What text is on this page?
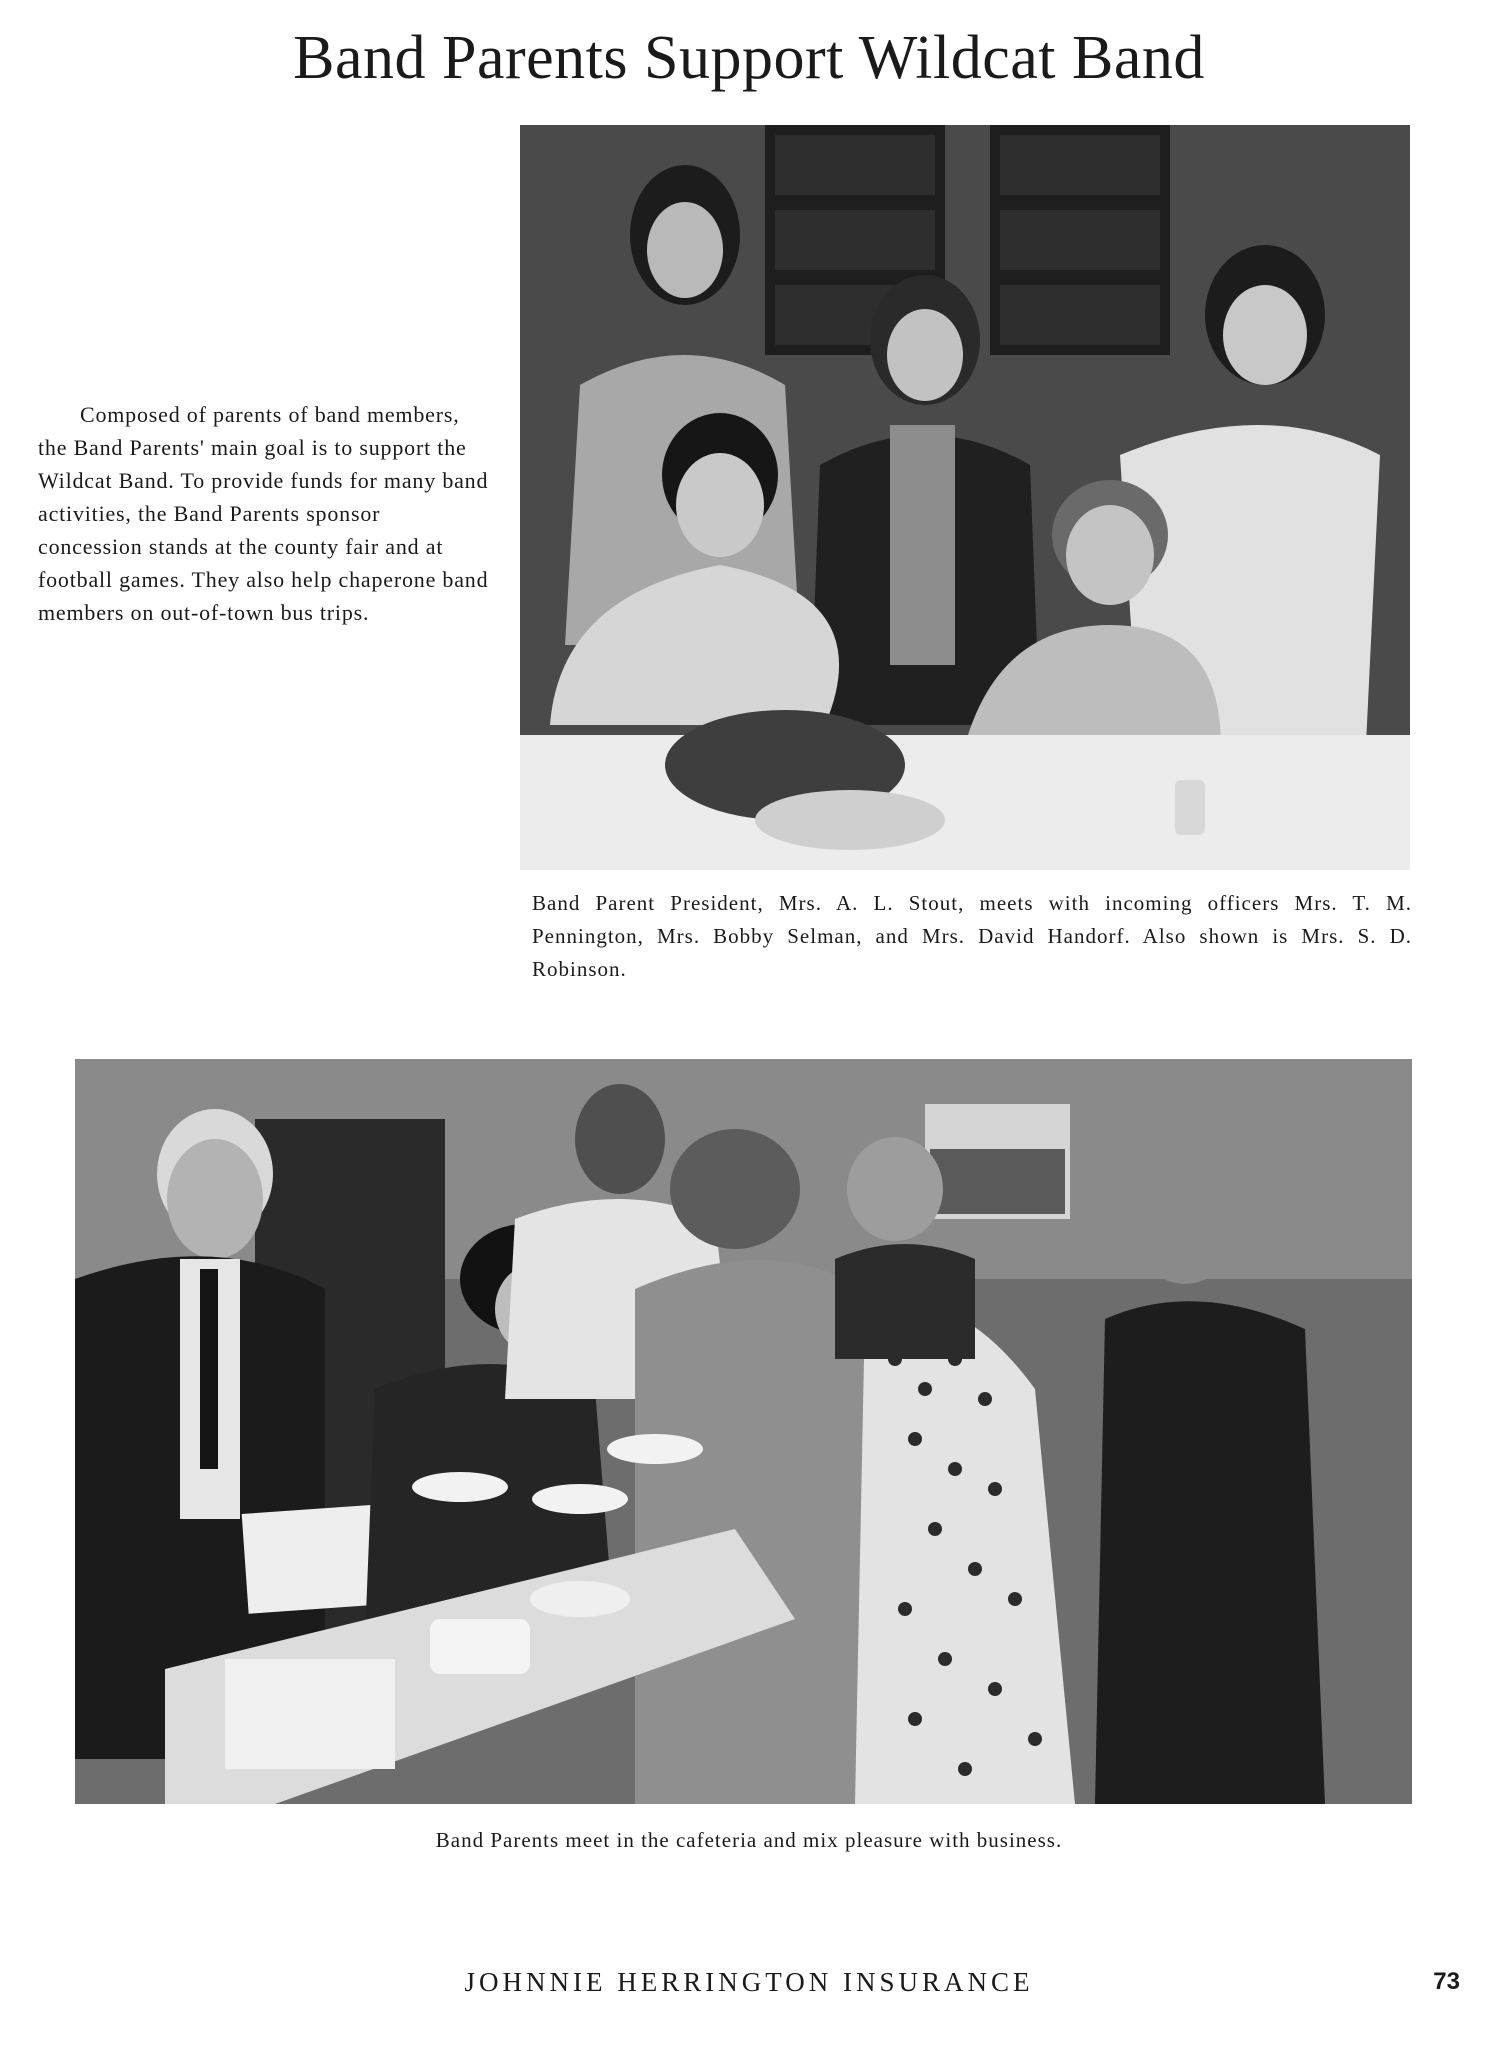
Band Parents Support Wildcat Band

Composed of parents of band members, the Band Parents' main goal is to support the Wildcat Band. To provide funds for many band activities, the Band Parents sponsor concession stands at the county fair and at football games. They also help chaperone band members on out-of-town bus trips.

Band Parent President, Mrs. A. L. Stout, meets with incoming officers Mrs. T. M. Pennington, Mrs. Bobby Selman, and Mrs. David Handorf. Also shown is Mrs. S. D. Robinson.

Band Parents meet in the cafeteria and mix pleasure with business.

JOHNNIE HERRINGTON INSURANCE	73
